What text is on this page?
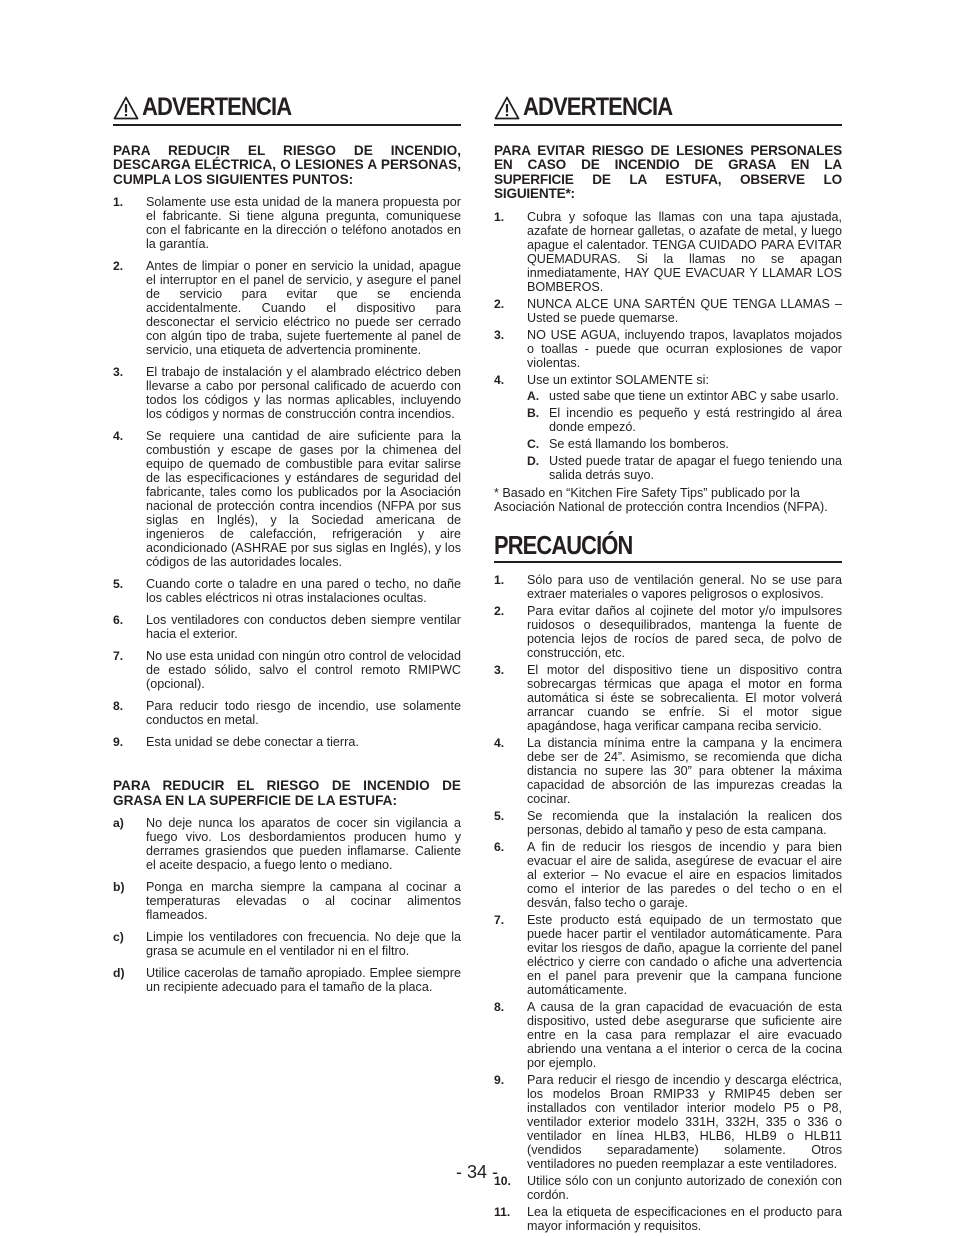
ADVERTENCIA

PARA REDUCIR EL RIESGO DE INCENDIO, DESCARGA ELÉCTRICA, O LESIONES A PERSONAS, CUMPLA LOS SIGUIENTES PUNTOS:

1. Solamente use esta unidad de la manera propuesta por el fabricante. Si tiene alguna pregunta, comuniquese con el fabricante en la dirección o teléfono anotados en la garantía.
2. Antes de limpiar o poner en servicio la unidad, apague el interruptor en el panel de servicio, y asegure el panel de servicio para evitar que se encienda accidentalmente. Cuando el dispositivo para desconectar el servicio eléctrico no puede ser cerrado con algún tipo de traba, sujete fuertemente al panel de servicio, una etiqueta de advertencia prominente.
3. El trabajo de instalación y el alambrado eléctrico deben llevarse a cabo por personal calificado de acuerdo con todos los códigos y las normas aplicables, incluyendo los códigos y normas de construcción contra incendios.
4. Se requiere una cantidad de aire suficiente para la combustión y escape de gases por la chimenea del equipo de quemado de combustible para evitar salirse de las especificaciones y estándares de seguridad del fabricante, tales como los publicados por la Asociación nacional de protección contra incendios (NFPA por sus siglas en Inglés), y la Sociedad americana de ingenieros de calefacción, refrigeración y aire acondicionado (ASHRAE por sus siglas en Inglés), y los códigos de las autoridades locales.
5. Cuando corte o taladre en una pared o techo, no dañe los cables eléctricos ni otras instalaciones ocultas.
6. Los ventiladores con conductos deben siempre ventilar hacia el exterior.
7. No use esta unidad con ningún otro control de velocidad de estado sólido, salvo el control remoto RMIPWC (opcional).
8. Para reducir todo riesgo de incendio, use solamente conductos en metal.
9. Esta unidad se debe conectar a tierra.

PARA REDUCIR EL RIESGO DE INCENDIO DE GRASA EN LA SUPERFICIE DE LA ESTUFA:

a) No deje nunca los aparatos de cocer sin vigilancia a fuego vivo. Los desbordamientos producen humo y derrames grasiendos que pueden inflamarse. Caliente el aceite despacio, a fuego lento o mediano.
b) Ponga en marcha siempre la campana al cocinar a temperaturas elevadas o al cocinar alimentos flameados.
c) Limpie los ventiladores con frecuencia. No deje que la grasa se acumule en el ventilador ni en el filtro.
d) Utilice cacerolas de tamaño apropiado. Emplee siempre un recipiente adecuado para el tamaño de la placa.
ADVERTENCIA

PARA EVITAR RIESGO DE LESIONES PERSONALES EN CASO DE INCENDIO DE GRASA EN LA SUPERFICIE DE LA ESTUFA, OBSERVE LO SIGUIENTE*:

1. Cubra y sofoque las llamas con una tapa ajustada, azafate de hornear galletas, o azafate de metal, y luego apague el calentador. TENGA CUIDADO PARA EVITAR QUEMADURAS. Si la llamas no se apagan inmediatamente, HAY QUE EVACUAR Y LLAMAR LOS BOMBEROS.
2. NUNCA ALCE UNA SARTÉN QUE TENGA LLAMAS – Usted se puede quemarse.
3. NO USE AGUA, incluyendo trapos, lavaplatos mojados o toallas - puede que ocurran explosiones de vapor violentas.
4. Use un extintor SOLAMENTE si:
A. usted sabe que tiene un extintor ABC y sabe usarlo.
B. El incendio es pequeño y está restringido al área donde empezó.
C. Se está llamando los bomberos.
D. Usted puede tratar de apagar el fuego teniendo una salida detrás suyo.

* Basado en “Kitchen Fire Safety Tips” publicado por la Asociación National de protección contra Incendios (NFPA).

PRECAUCIÓN
1. Sólo para uso de ventilación general. No se use para extraer materiales o vapores peligrosos o explosivos.
2. Para evitar daños al cojinete del motor y/o impulsores ruidosos o desequilibrados, mantenga la fuente de potencia lejos de rocíos de pared seca, de polvo de construcción, etc.
3. El motor del dispositivo tiene un dispositivo contra sobrecargas térmicas que apaga el motor en forma automática si éste se sobrecalienta. El motor volverá arrancar cuando se enfríe. Si el motor sigue apagándose, haga verificar campana reciba servicio.
4. La distancia mínima entre la campana y la encimera debe ser de 24”. Asimismo, se recomienda que dicha distancia no supere las 30” para obtener la máxima capacidad de absorción de las impurezas creadas la cocinar.
5. Se recomienda que la instalación la realicen dos personas, debido al tamaño y peso de esta campana.
6. A fin de reducir los riesgos de incendio y para bien evacuar el aire de salida, asegúrese de evacuar el aire al exterior – No evacue el aire en espacios limitados como el interior de las paredes o del techo o en el desván, falso techo o garaje.
7. Este producto está equipado de un termostato que puede hacer partir el ventilador automáticamente. Para evitar los riesgos de daño, apague la corriente del panel eléctrico y cierre con candado o afiche una advertencia en el panel para prevenir que la campana funcione automáticamente.
8. A causa de la gran capacidad de evacuación de esta dispositivo, usted debe asegurarse que suficiente aire entre en la casa para remplazar el aire evacuado abriendo una ventana a el interior o cerca de la cocina por ejemplo.
9. Para reducir el riesgo de incendio y descarga eléctrica, los modelos Broan RMIP33 y RMIP45 deben ser installados con ventilador interior modelo P5 o P8, ventilador exterior modelo 331H, 332H, 335 o 336 o ventilador en línea HLB3, HLB6, HLB9 o HLB11 (vendidos separadamente) solamente. Otros ventiladores no pueden reemplazar a este ventiladores.
10. Utilice sólo con un conjunto autorizado de conexión con cordón.
11. Lea la etiqueta de especificaciones en el producto para mayor información y requisitos.
- 34 -
